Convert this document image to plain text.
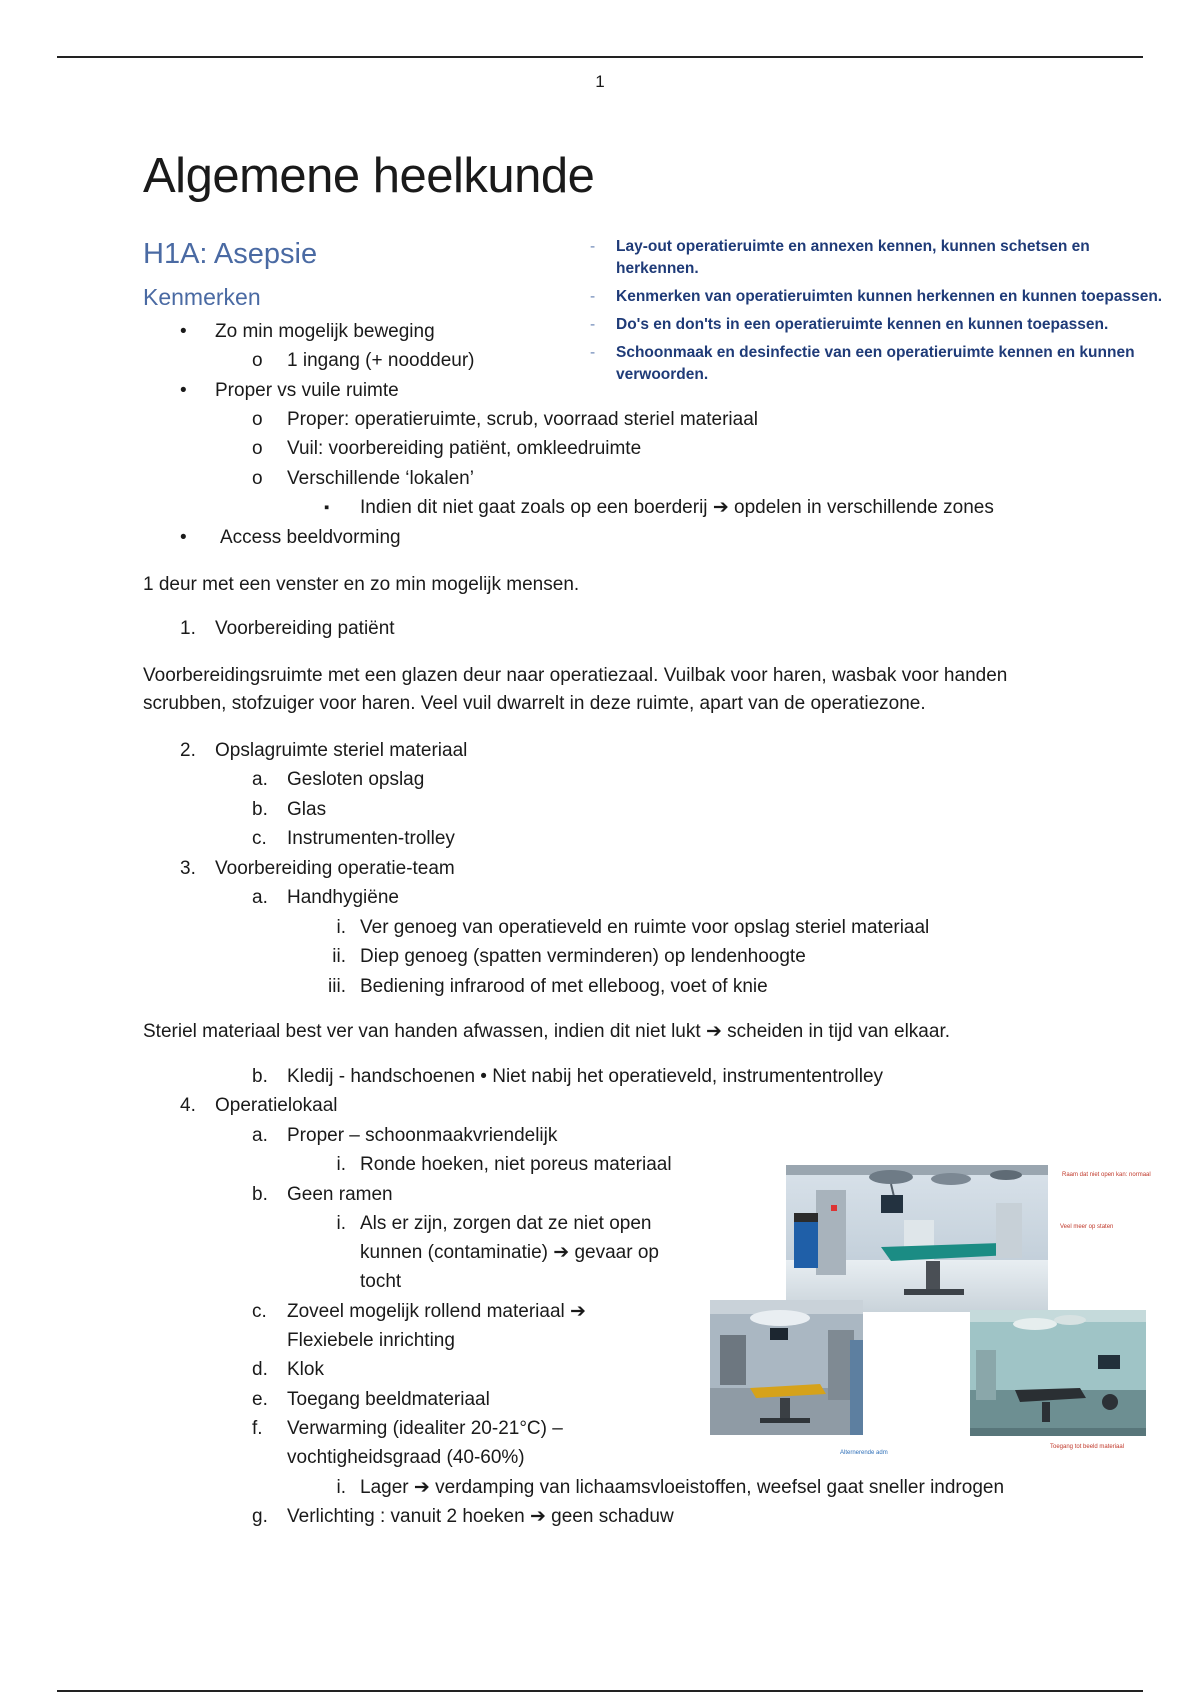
1
Algemene heelkunde
H1A: Asepsie
Kenmerken
- Lay-out operatieruimte en annexen kennen, kunnen schetsen en herkennen.
- Kenmerken van operatieruimten kunnen herkennen en kunnen toepassen.
- Do's en don'ts in een operatieruimte kennen en kunnen toepassen.
- Schoonmaak en desinfectie van een operatieruimte kennen en kunnen verwoorden.
•	Zo min mogelijk beweging
o 1 ingang (+ nooddeur)
• Proper vs vuile ruimte
o Proper: operatieruimte, scrub, voorraad steriel materiaal
o Vuil: voorbereiding patiënt, omkleedruimte
o Verschillende ‘lokalen’
▪ Indien dit niet gaat zoals op een boerderij ➔ opdelen in verschillende zones
• Access beeldvorming
1 deur met een venster en zo min mogelijk mensen.
1. Voorbereiding patiënt
Voorbereidingsruimte met een glazen deur naar operatiezaal. Vuilbak voor haren, wasbak voor handen scrubben, stofzuiger voor haren. Veel vuil dwarrelt in deze ruimte, apart van de operatiezone.
2. Opslagruimte steriel materiaal
a. Gesloten opslag
b. Glas
c. Instrumenten-trolley
3. Voorbereiding operatie-team
a. Handhygiëne
i. Ver genoeg van operatieveld en ruimte voor opslag steriel materiaal
ii. Diep genoeg (spatten verminderen) op lendenhoogte
iii. Bediening infrarood of met elleboog, voet of knie
Steriel materiaal best ver van handen afwassen, indien dit niet lukt ➔ scheiden in tijd van elkaar.
b. Kledij - handschoenen • Niet nabij het operatieveld, instrumententrolley
4. Operatielokaal
a. Proper – schoonmaakvriendelijk
i. Ronde hoeken, niet poreus materiaal
b. Geen ramen
i. Als er zijn, zorgen dat ze niet open
kunnen (contaminatie) ➔ gevaar op
tocht
c. Zoveel mogelijk rollend materiaal ➔
Flexiebele inrichting
d. Klok
e. Toegang beeldmateriaal
f. Verwarming (idealiter 20-21°C) –
vochtigheidsgraad (40-60%)
i. Lager ➔ verdamping van lichaamsvloeistoffen, weefsel gaat sneller indrogen
g. Verlichting : vanuit 2 hoeken ➔ geen schaduw
Raam dat niet open kan: normaal
Veel meer op staten
Alternerende adm
Toegang tot beeld materiaal
